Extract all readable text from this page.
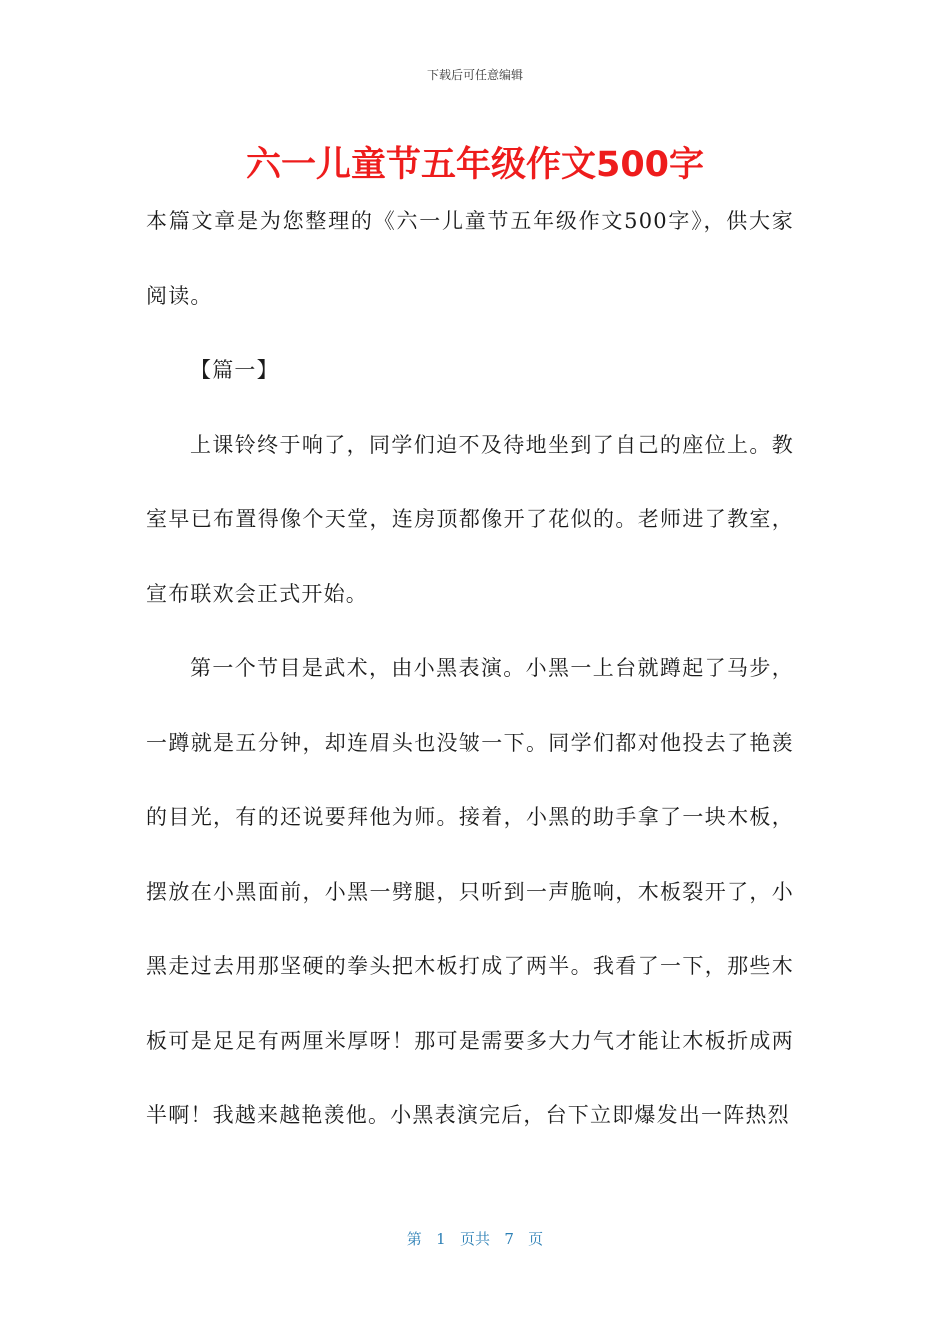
下载后可任意编辑
六一儿童节五年级作文500字

本篇文章是为您整理的《六一儿童节五年级作文500字》，供大家阅读。

【篇一】

上课铃终于响了，同学们迫不及待地坐到了自己的座位上。教室早已布置得像个天堂，连房顶都像开了花似的。老师进了教室，宣布联欢会正式开始。

第一个节目是武术，由小黑表演。小黑一上台就蹲起了马步，一蹲就是五分钟，却连眉头也没皱一下。同学们都对他投去了艳羡的目光，有的还说要拜他为师。接着，小黑的助手拿了一块木板，摆放在小黑面前，小黑一劈腿，只听到一声脆响，木板裂开了，小黑走过去用那坚硬的拳头把木板打成了两半。我看了一下，那些木板可是足足有两厘米厚呀！那可是需要多大力气才能让木板折成两半啊！我越来越艳羡他。小黑表演完后，台下立即爆发出一阵热烈

第 1 页共 7 页
